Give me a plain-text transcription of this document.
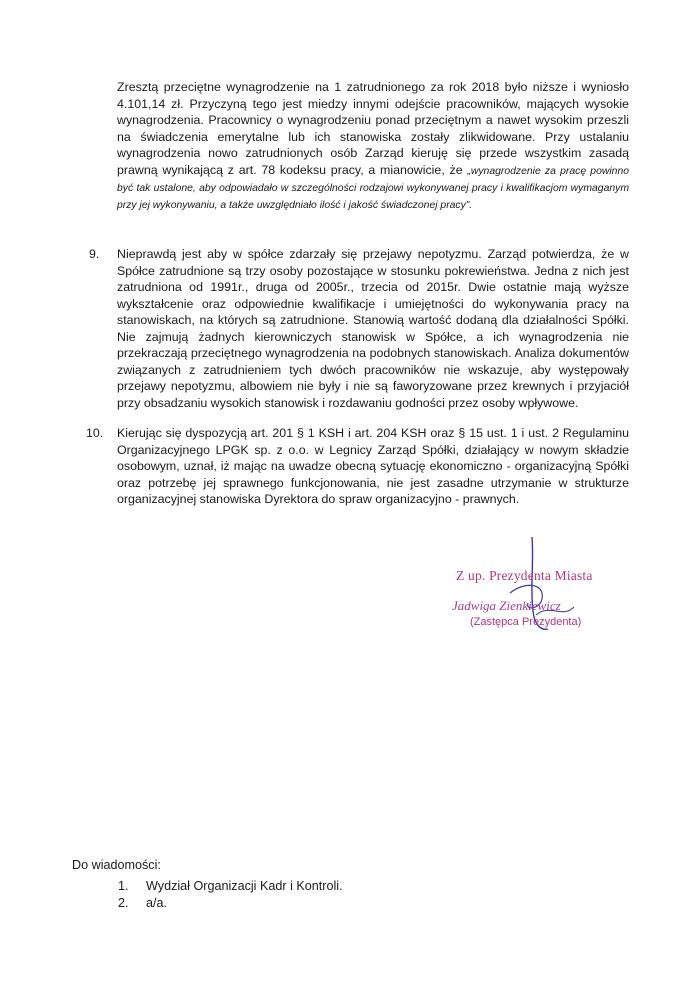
Zresztą przeciętne wynagrodzenie na 1 zatrudnionego za rok 2018 było niższe i wyniosło 4.101,14 zł. Przyczyną tego jest miedzy innymi odejście pracowników, mających wysokie wynagrodzenia. Pracownicy o wynagrodzeniu ponad przeciętnym a nawet wysokim przeszli na świadczenia emerytalne lub ich stanowiska zostały zlikwidowane. Przy ustalaniu wynagrodzenia nowo zatrudnionych osób Zarząd kieruję się przede wszystkim zasadą prawną wynikającą z art. 78 kodeksu pracy, a mianowicie, że „wynagrodzenie za pracę powinno być tak ustalone, aby odpowiadało w szczególności rodzajowi wykonywanej pracy i kwalifikacjom wymaganym przy jej wykonywaniu, a także uwzględniało ilość i jakość świadczonej pracy”.

9. Nieprawdą jest aby w spółce zdarzały się przejawy nepotyzmu. Zarząd potwierdza, że w Spółce zatrudnione są trzy osoby pozostające w stosunku pokrewieństwa. Jedna z nich jest zatrudniona od 1991r., druga od 2005r., trzecia od 2015r. Dwie ostatnie mają wyższe wykształcenie oraz odpowiednie kwalifikacje i umiejętności do wykonywania pracy na stanowiskach, na których są zatrudnione. Stanowią wartość dodaną dla działalności Spółki. Nie zajmują żadnych kierowniczych stanowisk w Spółce, a ich wynagrodzenia nie przekraczają przeciętnego wynagrodzenia na podobnych stanowiskach. Analiza dokumentów związanych z zatrudnieniem tych dwóch pracowników nie wskazuje, aby występowały przejawy nepotyzmu, albowiem nie były i nie są faworyzowane przez krewnych i przyjaciół przy obsadzaniu wysokich stanowisk i rozdawaniu godności przez osoby wpływowe.

10. Kierując się dyspozycją art. 201 § 1 KSH i art. 204 KSH oraz § 15 ust. 1 i ust. 2 Regulaminu Organizacyjnego LPGK sp. z o.o. w Legnicy Zarząd Spółki, działający w nowym składzie osobowym, uznał, iż mając na uwadze obecną sytuację ekonomiczno - organizacyjną Spółki oraz potrzebę jej sprawnego funkcjonowania, nie jest zasadne utrzymanie w strukturze organizacyjnej stanowiska Dyrektora do spraw organizacyjno - prawnych.

Z up. Prezydenta Miasta
Jadwiga Zienkiewicz
(Zastępca Prezydenta)
Do wiadomości:
1. Wydział Organizacji Kadr i Kontroli.
2. a/a.
